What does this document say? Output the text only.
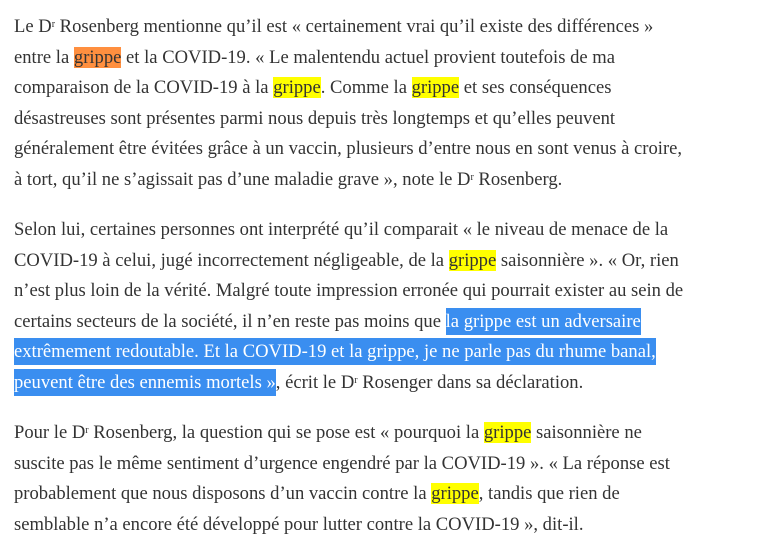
Le $D^r$ Rosenberg mentionne qu’il est « certainement vrai qu’il existe des différences »
entre la grippe et la COVID-19. « Le malentendu actuel provient toutefois de ma
comparaison de la COVID-19 à la grippe. Comme la grippe et ses conséquences
désastreuses sont présentes parmi nous depuis très longtemps et qu’elles peuvent
généralement être évitées grâce à un vaccin, plusieurs d’entre nous en sont venus à croire,
à tort, qu’il ne s’agissait pas d’une maladie grave », note le $D^r$ Rosenberg.

Selon lui, certaines personnes ont interprété qu’il comparait « le niveau de menace de la
COVID-19 à celui, jugé incorrectement négligeable, de la grippe saisonnière ». « Or, rien
n’est plus loin de la vérité. Malgré toute impression erronée qui pourrait exister au sein de
certains secteurs de la société, il n’en reste pas moins que la grippe est un adversaire
extrêmement redoutable. Et la COVID-19 et la grippe, je ne parle pas du rhume banal,
peuvent être des ennemis mortels », écrit le $D^r$ Rosenger dans sa déclaration.

Pour le $D^r$ Rosenberg, la question qui se pose est « pourquoi la grippe saisonnière ne
suscite pas le même sentiment d’urgence engendré par la COVID-19 ». « La réponse est
probablement que nous disposons d’un vaccin contre la grippe, tandis que rien de
semblable n’a encore été développé pour lutter contre la COVID-19 », dit-il.
